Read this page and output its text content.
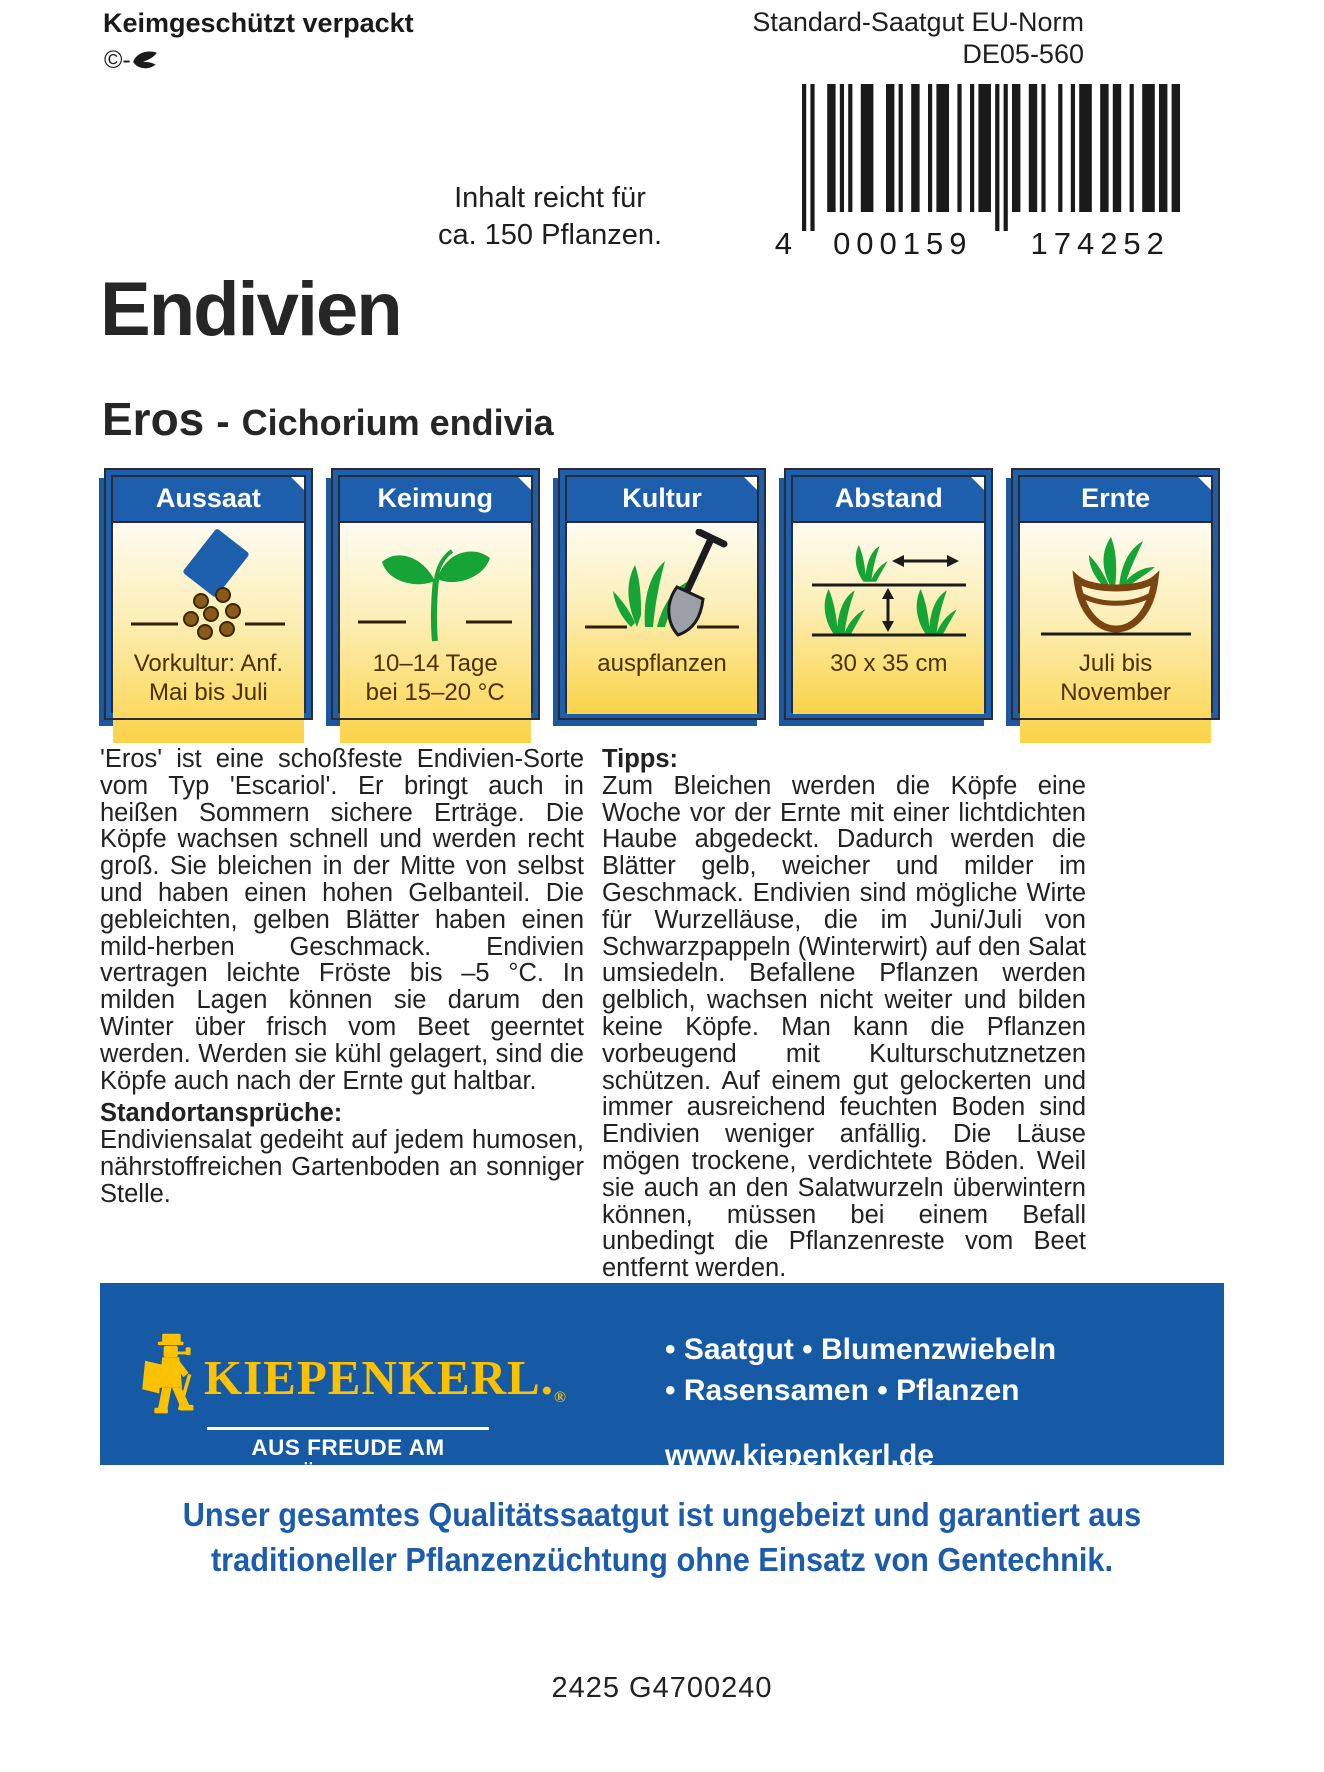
Keimgeschützt verpackt
©-
Standard-Saatgut EU-Norm
DE05-560
4 000159 174252
Inhalt reicht für
ca. 150 Pflanzen.
Endivien
Eros - Cichorium endivia
Aussaat
Vorkultur: Anf.
Mai bis Juli
Keimung
10–14 Tage
bei 15–20 °C
Kultur
auspflanzen
Abstand
30 x 35 cm
Ernte
Juli bis
November

'Eros' ist eine schoßfeste Endivien-Sorte vom Typ 'Escariol'. Er bringt auch in heißen Sommern sichere Erträge. Die Köpfe wachsen schnell und werden recht groß. Sie bleichen in der Mitte von selbst und haben einen hohen Gelbanteil. Die gebleichten, gelben Blätter haben einen mild-herben Geschmack. Endivien vertragen leichte Fröste bis –5 °C. In milden Lagen können sie darum den Winter über frisch vom Beet geerntet werden. Werden sie kühl gelagert, sind die Köpfe auch nach der Ernte gut haltbar.

Standortansprüche:

Endiviensalat gedeiht auf jedem humosen, nährstoffreichen Gartenboden an sonniger Stelle.

Tipps:

Zum Bleichen werden die Köpfe eine Woche vor der Ernte mit einer lichtdichten Haube abgedeckt. Dadurch werden die Blätter gelb, weicher und milder im Geschmack. Endivien sind mögliche Wirte für Wurzelläuse, die im Juni/Juli von Schwarzpappeln (Winterwirt) auf den Salat umsiedeln. Befallene Pflanzen werden gelblich, wachsen nicht weiter und bilden keine Köpfe. Man kann die Pflanzen vorbeugend mit Kulturschutznetzen schützen. Auf einem gut gelockerten und immer ausreichend feuchten Boden sind Endivien weniger anfällig. Die Läuse mögen trockene, verdichtete Böden. Weil sie auch an den Salatwurzeln überwintern können, müssen bei einem Befall unbedingt die Pflanzenreste vom Beet entfernt werden.

KIEPENKERL.®
AUS FREUDE AM GÄRTNERN
• Saatgut • Blumenzwiebeln
• Rasensamen • Pflanzen
www.kiepenkerl.de
Unser gesamtes Qualitätssaatgut ist ungebeizt und garantiert aus
traditioneller Pflanzenzüchtung ohne Einsatz von Gentechnik.
2425 G4700240
